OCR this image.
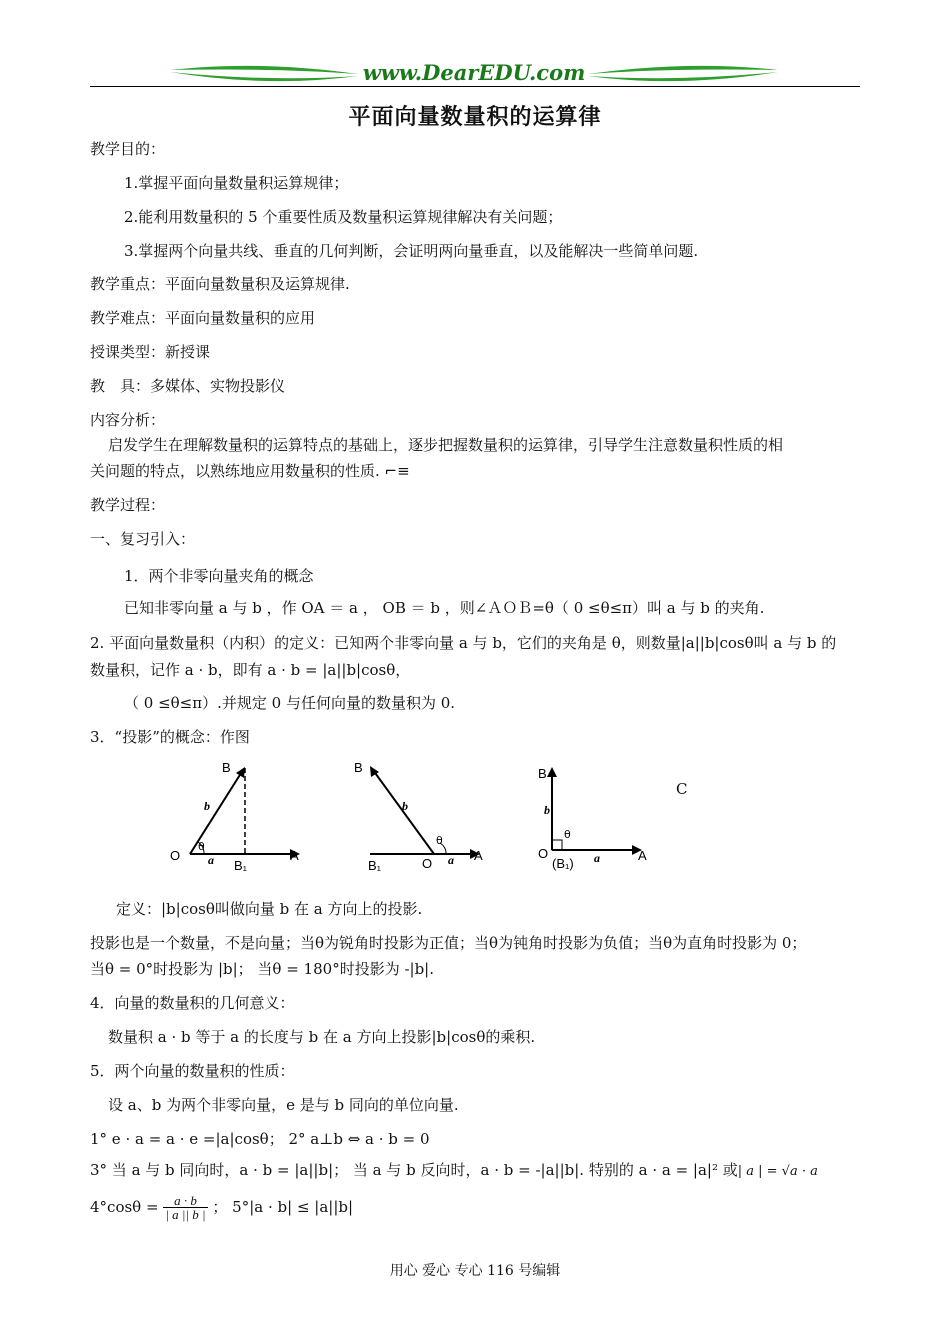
www.DearEDU.com
平面向量数量积的运算律
教学目的：
1.掌握平面向量数量积运算规律；
2.能利用数量积的 5 个重要性质及数量积运算规律解决有关问题；
3.掌握两个向量共线、垂直的几何判断，会证明两向量垂直，以及能解决一些简单问题.
教学重点：平面向量数量积及运算规律.
教学难点：平面向量数量积的应用
授课类型：新授课
教　具：多媒体、实物投影仪
内容分析：
启发学生在理解数量积的运算特点的基础上，逐步把握数量积的运算律，引导学生注意数量积性质的相
关问题的特点，以熟练地应用数量积的性质. ⌐≡
教学过程：
一、复习引入：
1．两个非零向量夹角的概念
已知非零向量 a 与 b ，作 OA ＝ a ， OB ＝ b ，则∠ＡＯＢ=θ（ 0 ≤θ≤π）叫 a 与 b 的夹角.
2. 平面向量数量积（内积）的定义：已知两个非零向量 a 与 b，它们的夹角是 θ，则数量|a||b|cosθ叫 a 与 b 的
数量积，记作 a · b，即有 a · b = |a||b|cosθ，
（ 0 ≤θ≤π）.并规定 0 与任何向量的数量积为 0.
3．“投影”的概念：作图
B
O	A
B₁
a
b
θ
B
B₁	O
A
a
b
θ
B
O
(B₁)
A
a
b
θ
C
定义：|b|cosθ叫做向量 b 在 a 方向上的投影.
投影也是一个数量，不是向量；当θ为锐角时投影为正值；当θ为钝角时投影为负值；当θ为直角时投影为 0；
当θ = 0°时投影为 |b|； 当θ = 180°时投影为 -|b|.
4．向量的数量积的几何意义：
数量积 a · b 等于 a 的长度与 b 在 a 方向上投影|b|cosθ的乘积.
5．两个向量的数量积的性质：
设 a、b 为两个非零向量，e 是与 b 同向的单位向量.
1° e · a = a · e =|a|cosθ； 2° a⊥b ⇔ a · b = 0
3° 当 a 与 b 同向时，a · b = |a||b|； 当 a 与 b 反向时，a · b = -|a||b|. 特别的 a · a = |a|² 或| a | = √a · a
$4^\circ\cos\theta = \frac{a \cdot b}{| a || b |}$ ； 5°|a · b| ≤ |a||b|
用心 爱心 专心 116 号编辑
